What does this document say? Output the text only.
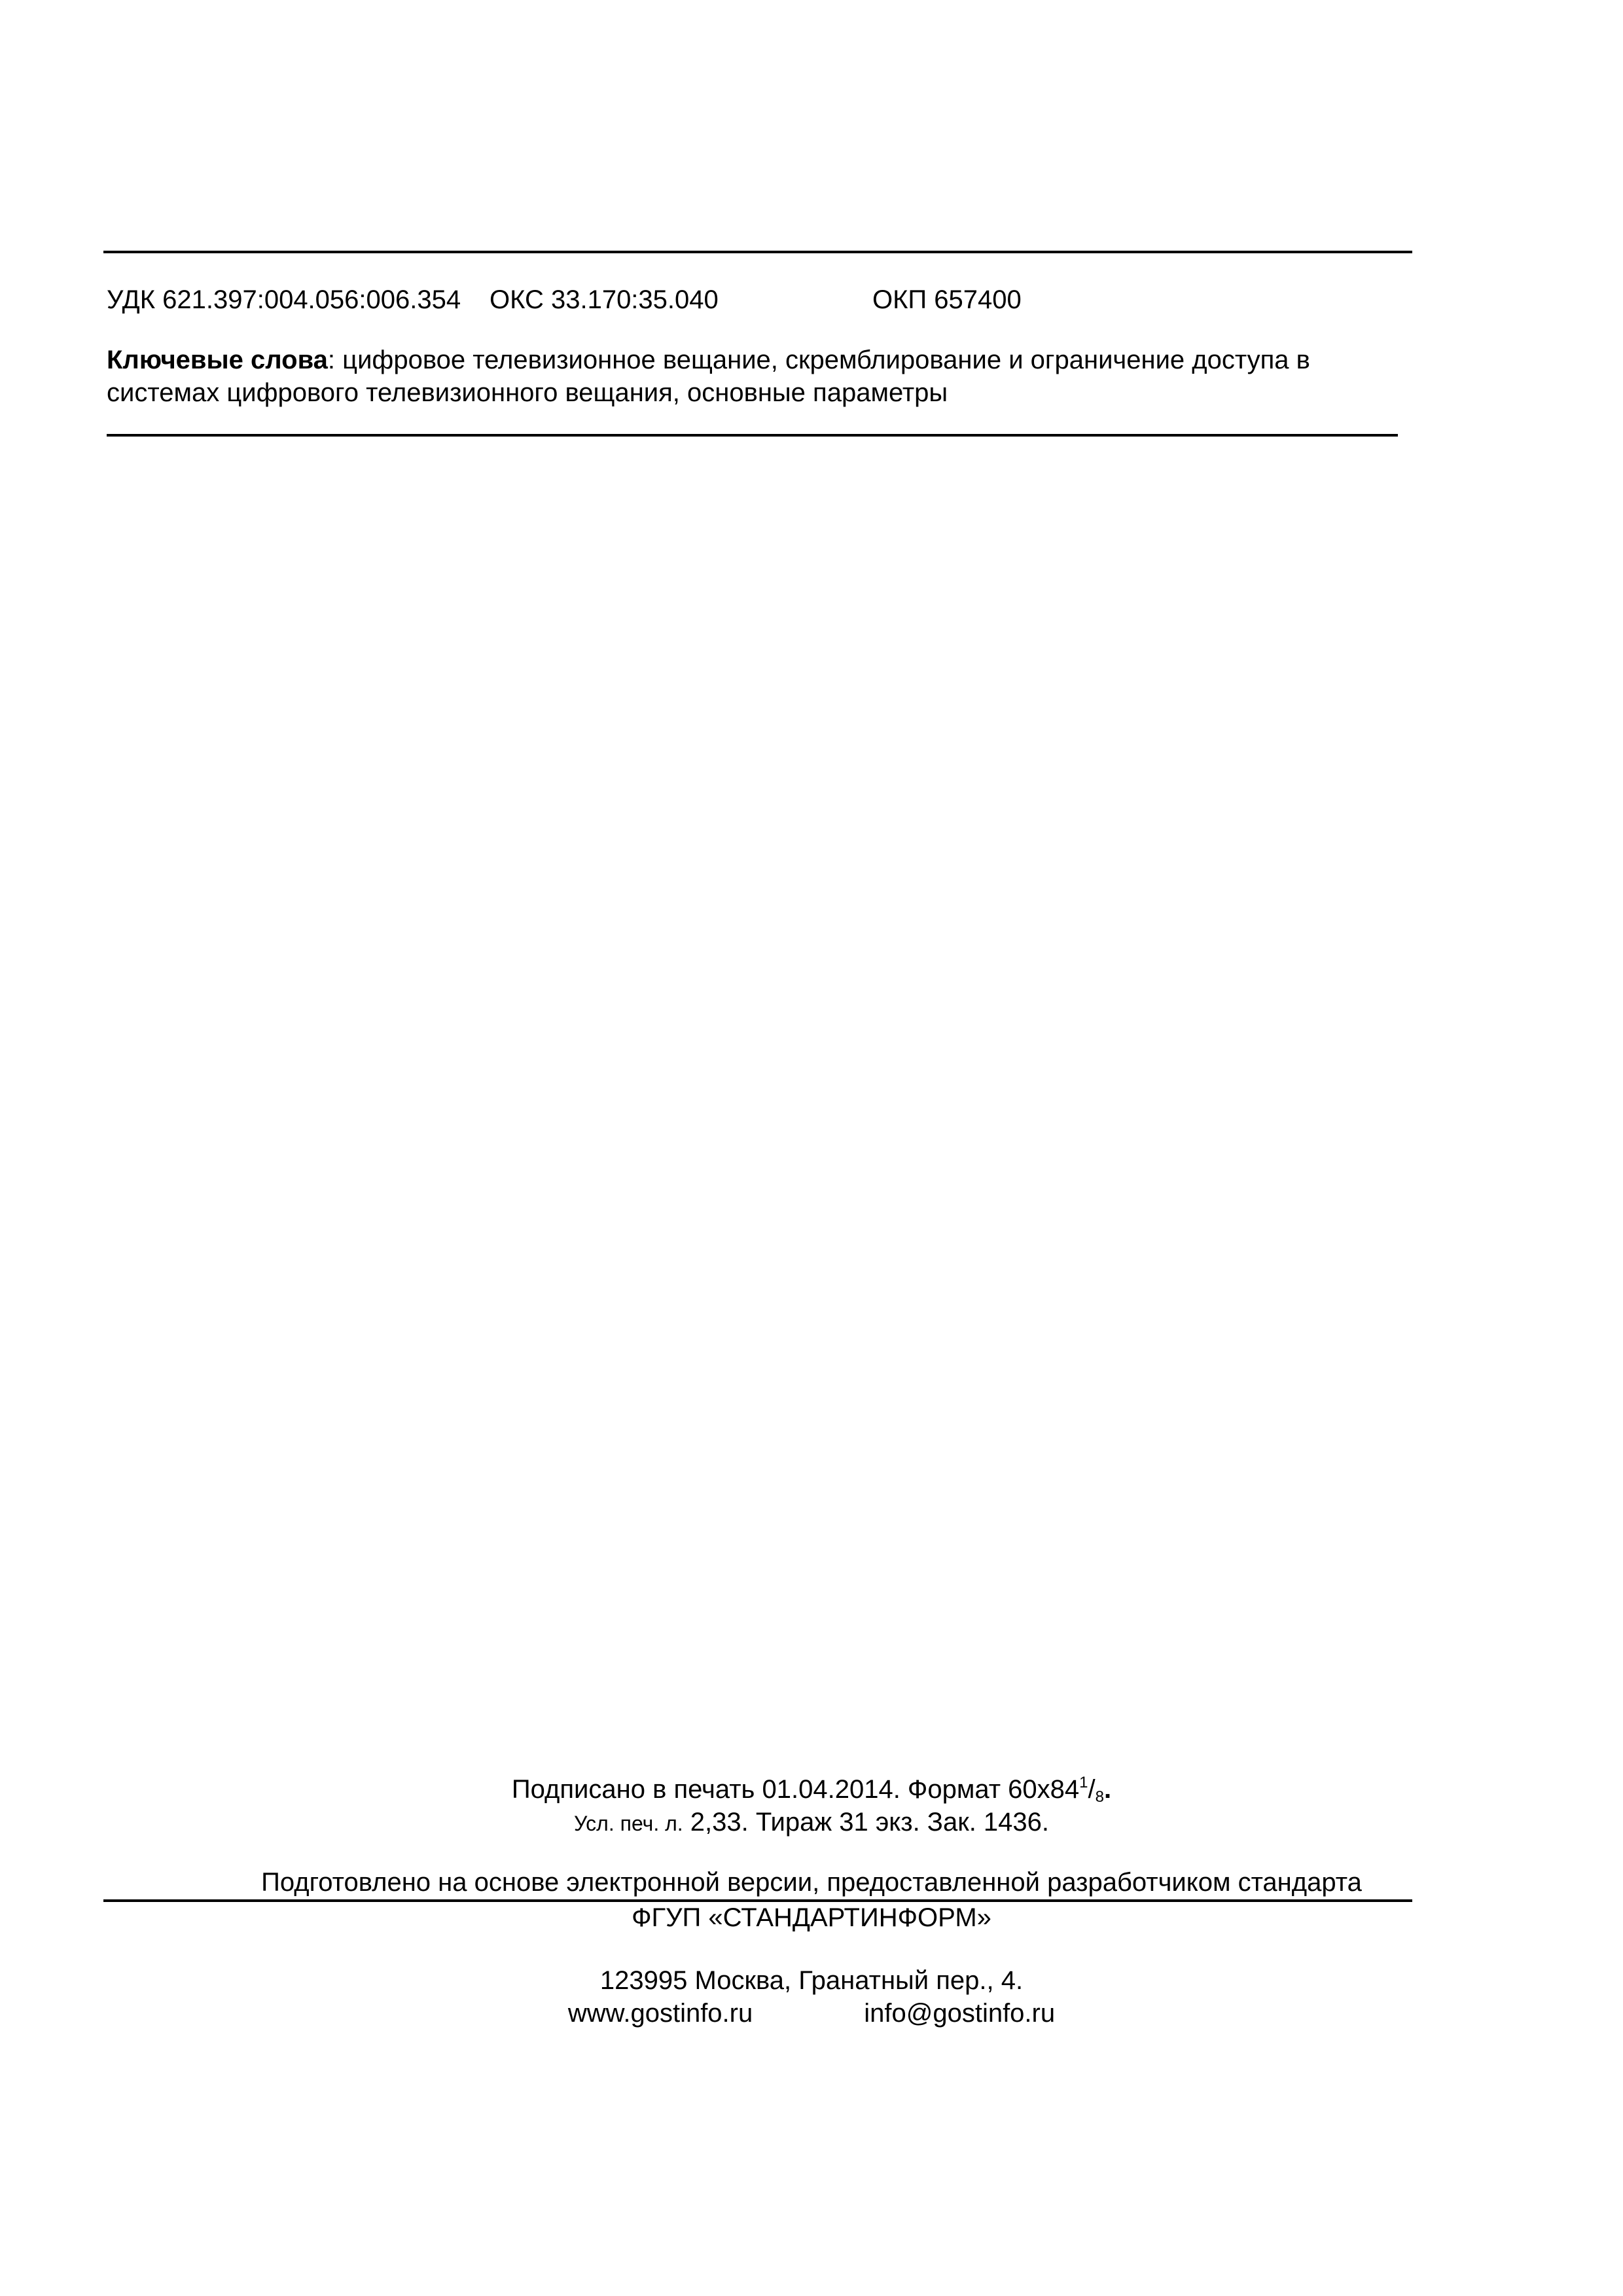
УДК 621.397:004.056:006.354 ОКС 33.170:35.040	ОКП 657400
Ключевые слова: цифровое телевизионное вещание, скремблирование и ограничение доступа в
системах цифрового телевизионного вещания, основные параметры
Подписано в печать 01.04.2014. Формат $60х84^1/_8$.
Усл. печ. л. 2,33. Тираж 31 экз. Зак. 1436.
Подготовлено на основе электронной версии, предоставленной разработчиком стандарта
ФГУП «СТАНДАРТИНФОРМ»
123995 Москва, Гранатный пер., 4.
www.gostinfo.ru	info@gostinfo.ru
